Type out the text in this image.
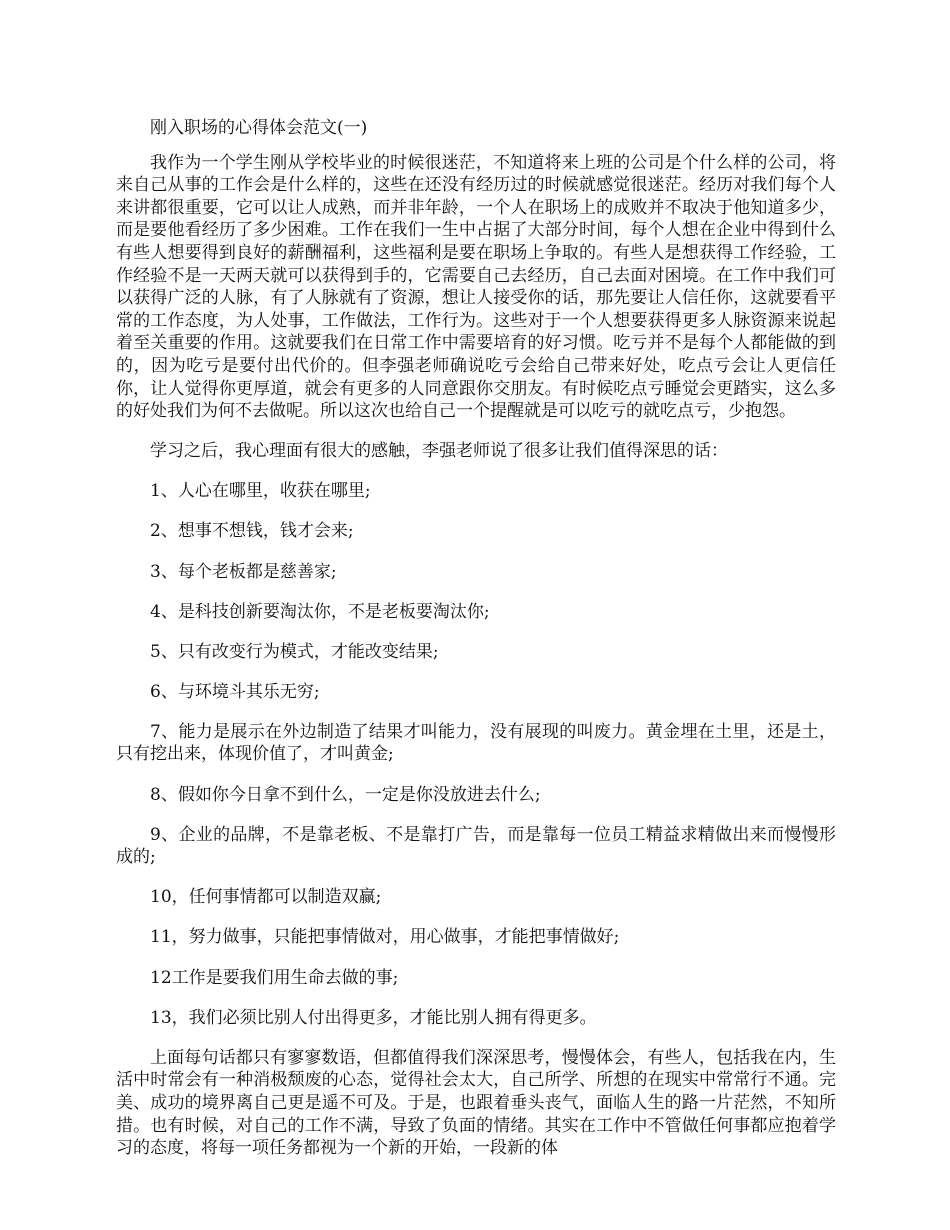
刚入职场的心得体会范文(一)

我作为一个学生刚从学校毕业的时候很迷茫，不知道将来上班的公司是个什么样的公司，将来自己从事的工作会是什么样的，这些在还没有经历过的时候就感觉很迷茫。经历对我们每个人来讲都很重要，它可以让人成熟，而并非年龄，一个人在职场上的成败并不取决于他知道多少，而是要他看经历了多少困难。工作在我们一生中占据了大部分时间，每个人想在企业中得到什么有些人想要得到良好的薪酬福利，这些福利是要在职场上争取的。有些人是想获得工作经验，工作经验不是一天两天就可以获得到手的，它需要自己去经历，自己去面对困境。在工作中我们可以获得广泛的人脉，有了人脉就有了资源，想让人接受你的话，那先要让人信任你，这就要看平常的工作态度，为人处事，工作做法，工作行为。这些对于一个人想要获得更多人脉资源来说起着至关重要的作用。这就要我们在日常工作中需要培育的好习惯。吃亏并不是每个人都能做的到的，因为吃亏是要付出代价的。但李强老师确说吃亏会给自己带来好处，吃点亏会让人更信任你，让人觉得你更厚道，就会有更多的人同意跟你交朋友。有时候吃点亏睡觉会更踏实，这么多的好处我们为何不去做呢。所以这次也给自己一个提醒就是可以吃亏的就吃点亏，少抱怨。

学习之后，我心理面有很大的感触，李强老师说了很多让我们值得深思的话：

1、人心在哪里，收获在哪里;

2、想事不想钱，钱才会来;

3、每个老板都是慈善家;

4、是科技创新要淘汰你，不是老板要淘汰你;

5、只有改变行为模式，才能改变结果;

6、与环境斗其乐无穷;

7、能力是展示在外边制造了结果才叫能力，没有展现的叫废力。黄金埋在土里，还是土，只有挖出来，体现价值了，才叫黄金;

8、假如你今日拿不到什么，一定是你没放进去什么;

9、企业的品牌，不是靠老板、不是靠打广告，而是靠每一位员工精益求精做出来而慢慢形成的;

10，任何事情都可以制造双赢;

11，努力做事，只能把事情做对，用心做事，才能把事情做好;

12工作是要我们用生命去做的事;

13，我们必须比别人付出得更多，才能比别人拥有得更多。

上面每句话都只有寥寥数语，但都值得我们深深思考，慢慢体会，有些人，包括我在内，生活中时常会有一种消极颓废的心态，觉得社会太大，自己所学、所想的在现实中常常行不通。完美、成功的境界离自己更是遥不可及。于是，也跟着垂头丧气，面临人生的路一片茫然，不知所措。也有时候，对自己的工作不满，导致了负面的情绪。其实在工作中不管做任何事都应抱着学习的态度，将每一项任务都视为一个新的开始，一段新的体
